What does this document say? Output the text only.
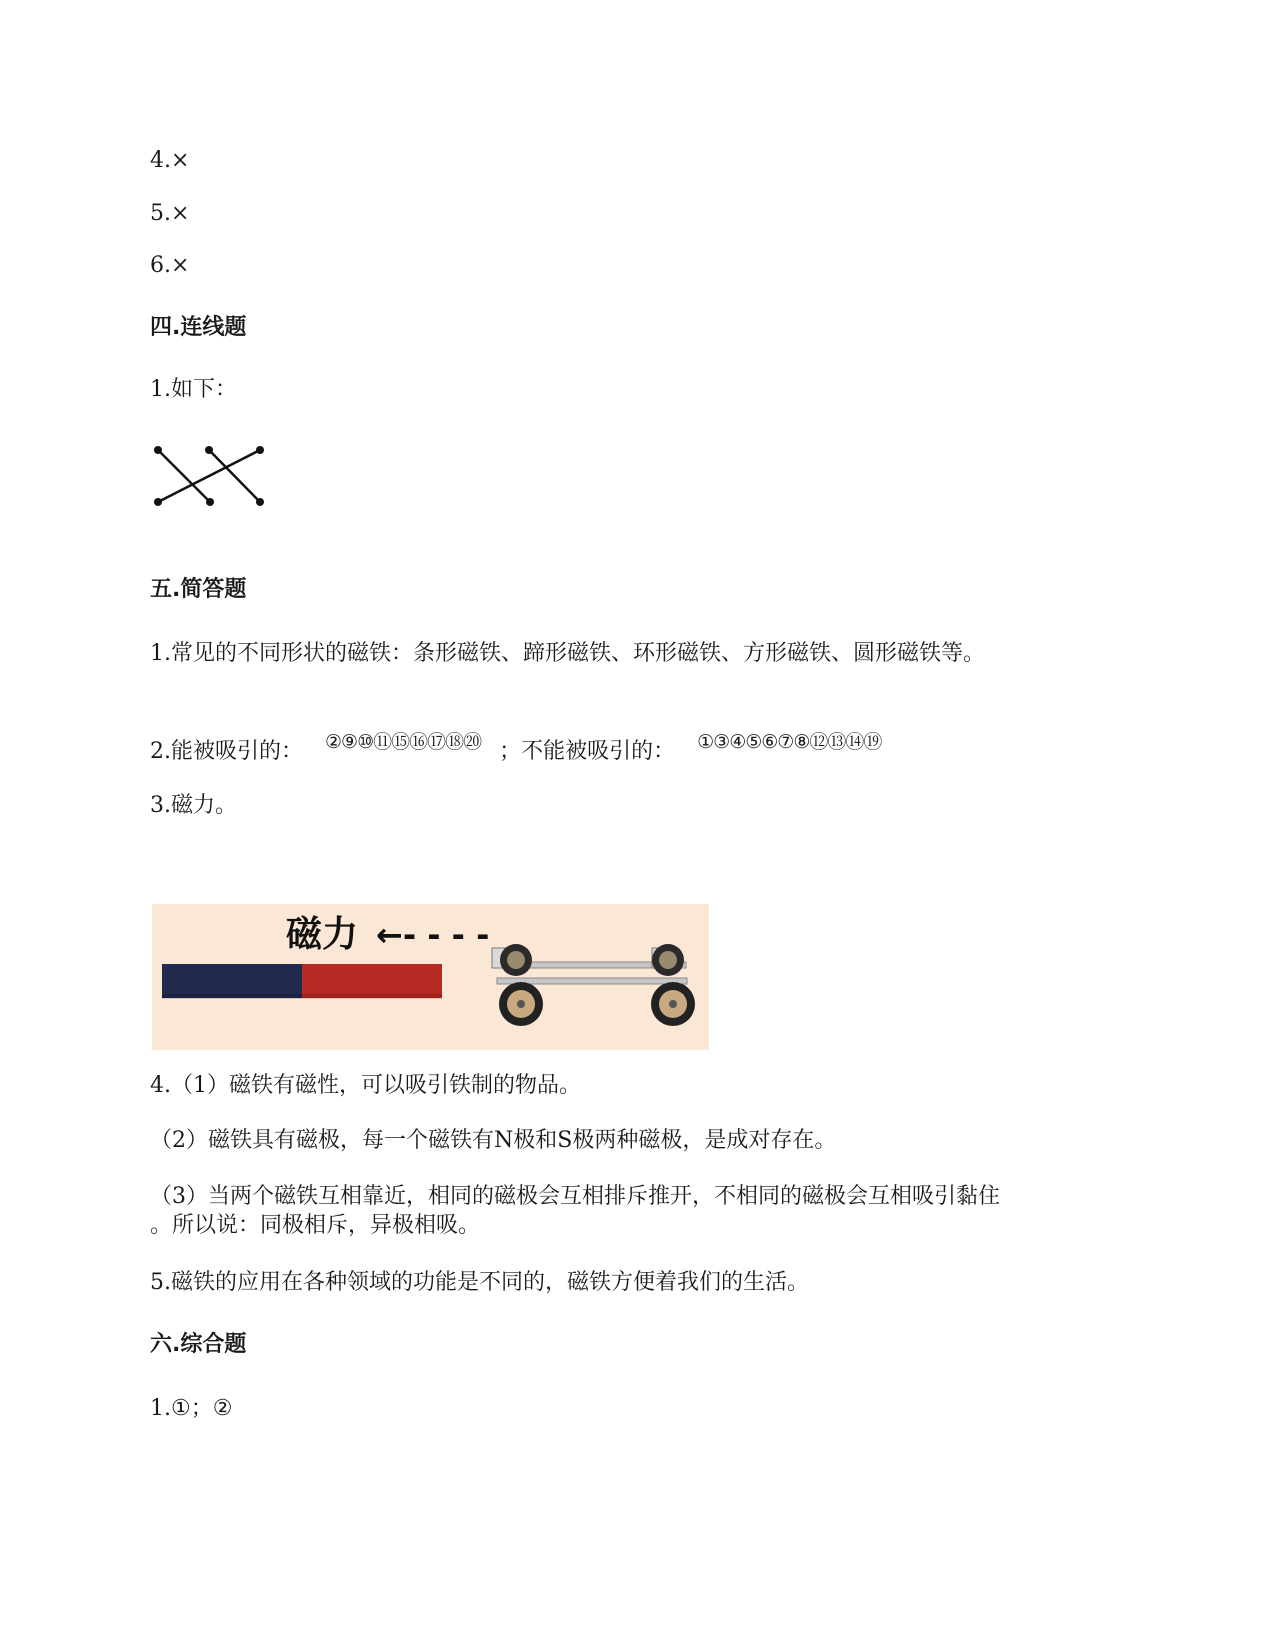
4.×
5.×
6.×
四.连线题
1.如下：
五.简答题
1.常见的不同形状的磁铁：条形磁铁、蹄形磁铁、环形磁铁、方形磁铁、圆形磁铁等。
2.能被吸引的： ②⑨⑩⑪⑮⑯⑰⑱⑳ ；不能被吸引的： ①③④⑤⑥⑦⑧⑫⑬⑭⑲
3.磁力。
磁力 ←- - - -
4.（1）磁铁有磁性，可以吸引铁制的物品。
（2）磁铁具有磁极，每一个磁铁有N极和S极两种磁极，是成对存在。
（3）当两个磁铁互相靠近，相同的磁极会互相排斥推开，不相同的磁极会互相吸引黏住
。所以说：同极相斥，异极相吸。
5.磁铁的应用在各种领域的功能是不同的，磁铁方便着我们的生活。
六.综合题
1.①；②
